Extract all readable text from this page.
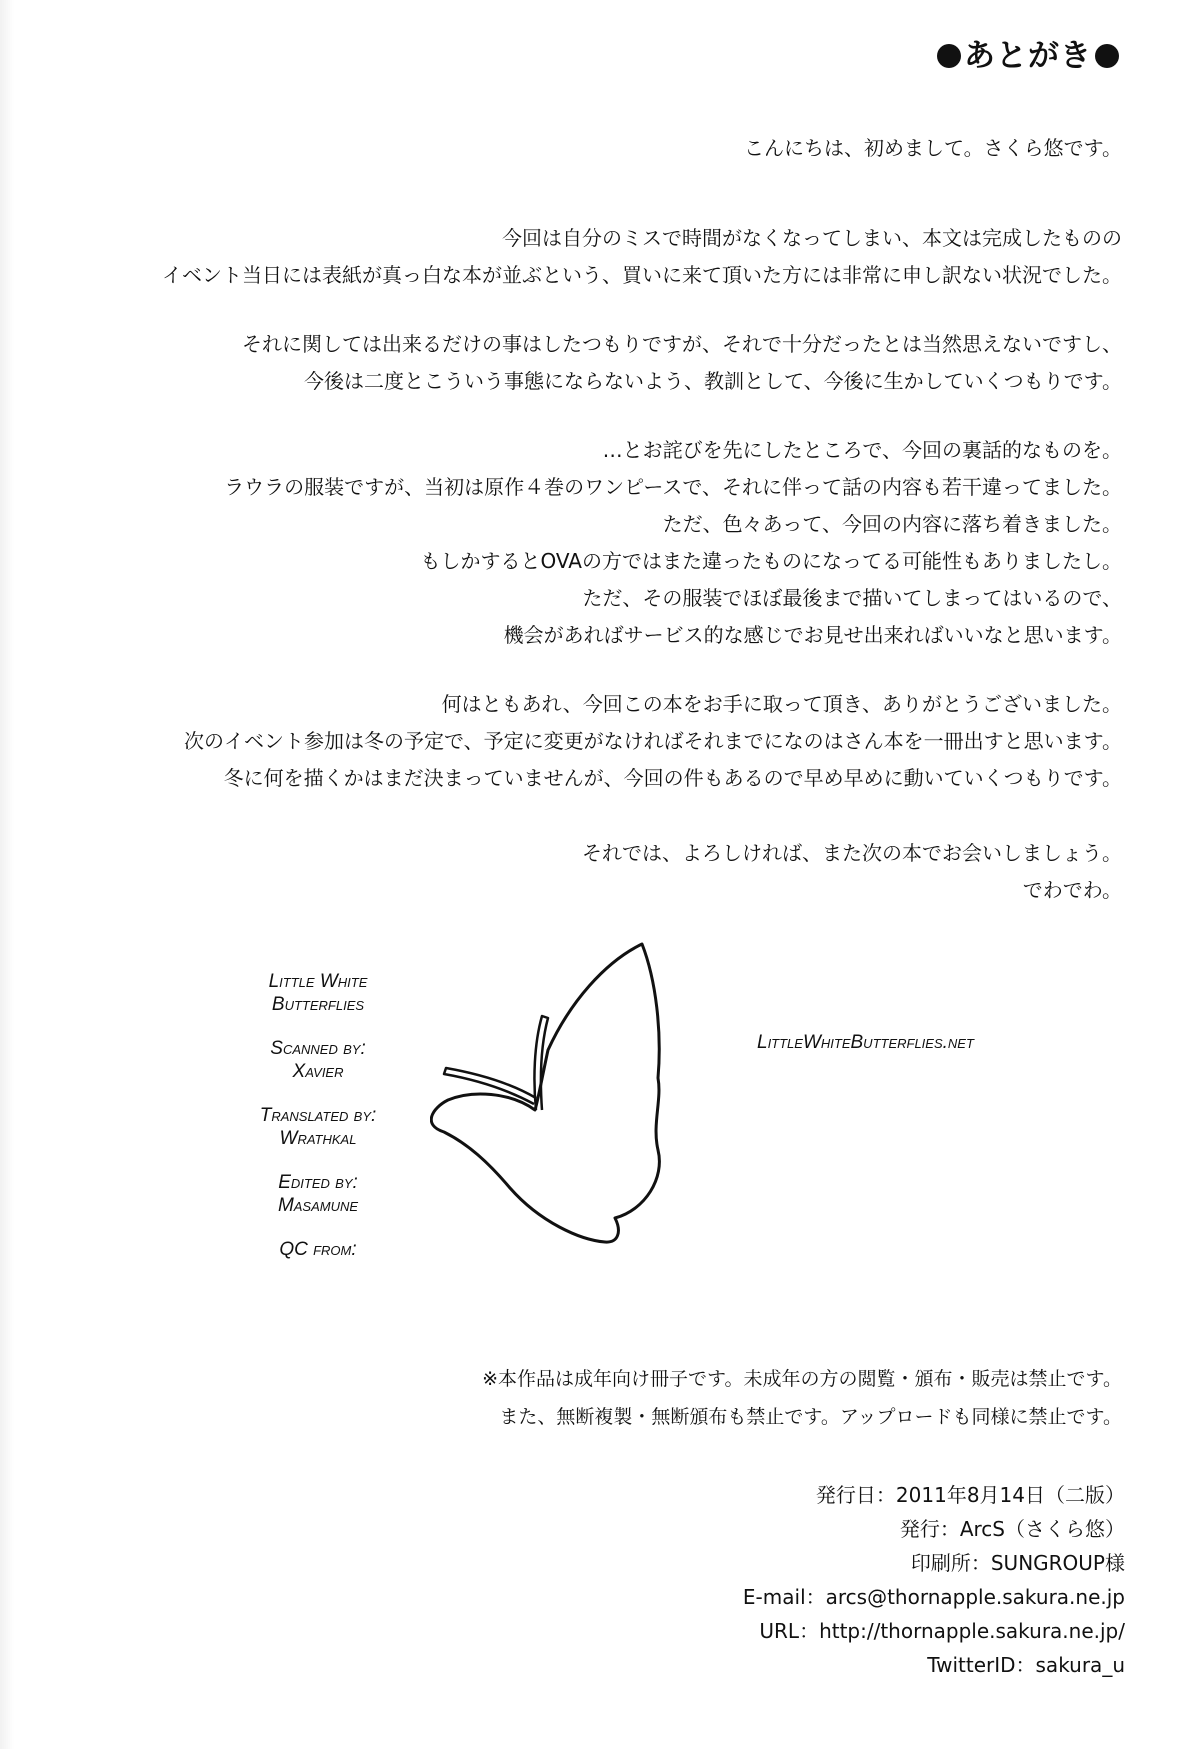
あとがき

こんにちは、初めまして。さくら悠です。

今回は自分のミスで時間がなくなってしまい、本文は完成したものの

イベント当日には表紙が真っ白な本が並ぶという、買いに来て頂いた方には非常に申し訳ない状況でした。

それに関しては出来るだけの事はしたつもりですが、それで十分だったとは当然思えないですし、

今後は二度とこういう事態にならないよう、教訓として、今後に生かしていくつもりです。

…とお詫びを先にしたところで、今回の裏話的なものを。

ラウラの服装ですが、当初は原作４巻のワンピースで、それに伴って話の内容も若干違ってました。

ただ、色々あって、今回の内容に落ち着きました。

もしかするとOVAの方ではまた違ったものになってる可能性もありましたし。

ただ、その服装でほぼ最後まで描いてしまってはいるので、

機会があればサービス的な感じでお見せ出来ればいいなと思います。

何はともあれ、今回この本をお手に取って頂き、ありがとうございました。

次のイベント参加は冬の予定で、予定に変更がなければそれまでになのはさん本を一冊出すと思います。

冬に何を描くかはまだ決まっていませんが、今回の件もあるので早め早めに動いていくつもりです。

それでは、よろしければ、また次の本でお会いしましょう。

でわでわ。

Little White
Butterflies
Scanned by:
Xavier
Translated by:
Wrathkal
Edited by:
Masamune
QC from:
LittleWhiteButterflies.net

※本作品は成年向け冊子です。未成年の方の閲覧・頒布・販売は禁止です。

また、無断複製・無断頒布も禁止です。アップロードも同様に禁止です。

発行日：2011年8月14日（二版）

発行：ArcS（さくら悠）

印刷所：SUNGROUP様

E-mail：arcs@thornapple.sakura.ne.jp

URL：http://thornapple.sakura.ne.jp/

TwitterID：sakura_u
